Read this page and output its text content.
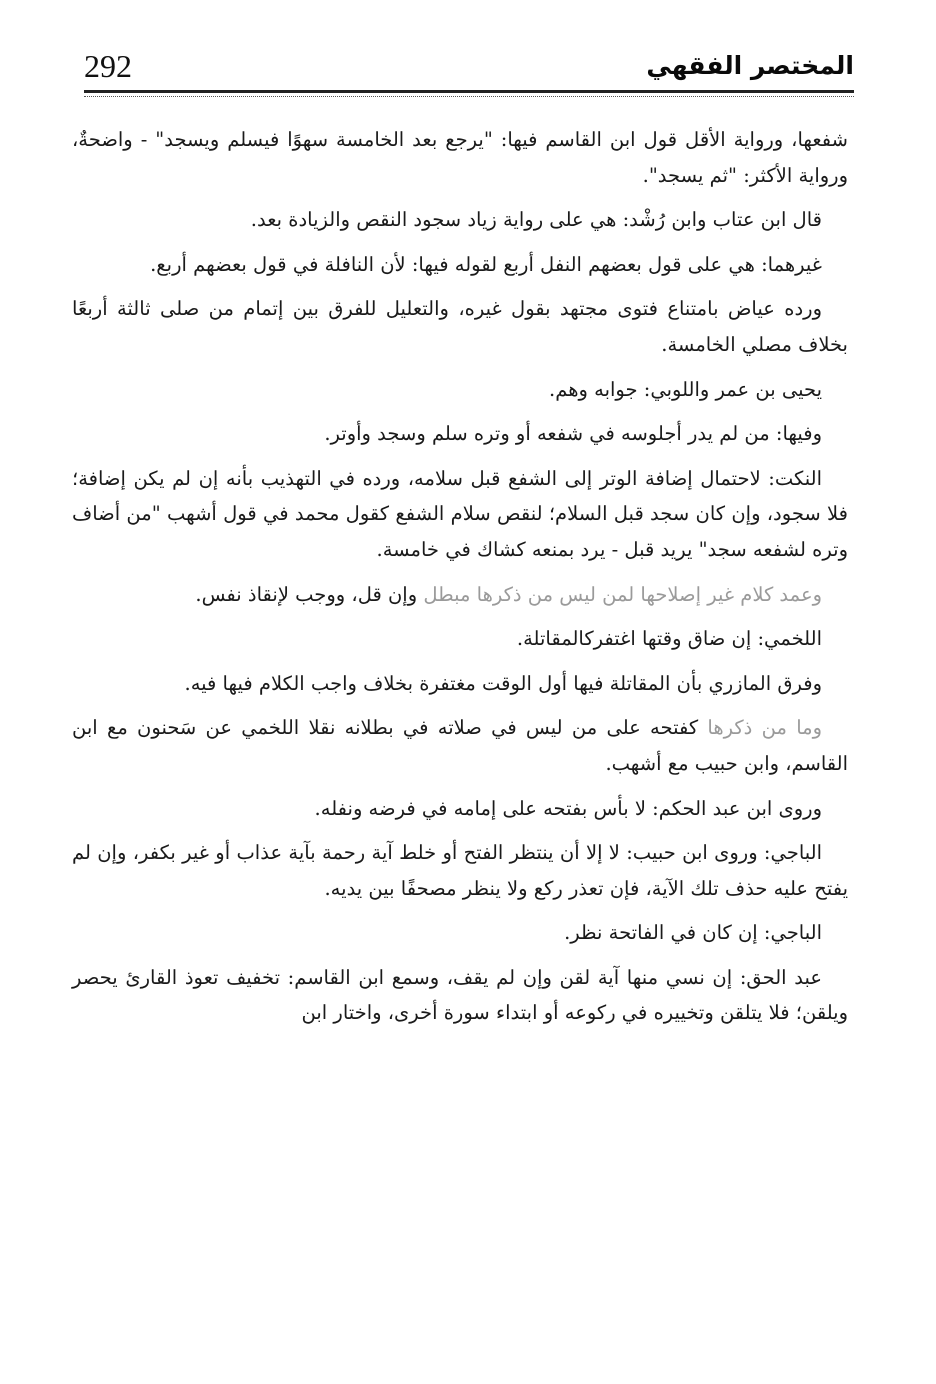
292	المختصر الفقهي

شفعها، ورواية الأقل قول ابن القاسم فيها: "يرجع بعد الخامسة سهوًا فيسلم ويسجد" - واضحةٌ، ورواية الأكثر: "ثم يسجد".

قال ابن عتاب وابن رُشْد: هي على رواية زياد سجود النقص والزيادة بعد.

غيرهما: هي على قول بعضهم النفل أربع لقوله فيها: لأن النافلة في قول بعضهم أربع.

ورده عياض بامتناع فتوى مجتهد بقول غيره، والتعليل للفرق بين إتمام من صلى ثالثة أربعًا بخلاف مصلي الخامسة.

يحيى بن عمر واللوبي: جوابه وهم.

وفيها: من لم يدر أجلوسه في شفعه أو وتره سلم وسجد وأوتر.

النكت: لاحتمال إضافة الوتر إلى الشفع قبل سلامه، ورده في التهذيب بأنه إن لم يكن إضافة؛ فلا سجود، وإن كان سجد قبل السلام؛ لنقص سلام الشفع كقول محمد في قول أشهب "من أضاف وتره لشفعه سجد" يريد قبل - يرد بمنعه كشاك في خامسة.

وعمد كلام غير إصلاحها لمن ليس من ذكرها مبطل وإن قل، ووجب لإنقاذ نفس.

اللخمي: إن ضاق وقتها اغتفركالمقاتلة.

وفرق المازري بأن المقاتلة فيها أول الوقت مغتفرة بخلاف واجب الكلام فيها فيه.

وما من ذكرها كفتحه على من ليس في صلاته في بطلانه نقلا اللخمي عن سَحنون مع ابن القاسم، وابن حبيب مع أشهب.

وروى ابن عبد الحكم: لا بأس بفتحه على إمامه في فرضه ونفله.

الباجي: وروى ابن حبيب: لا إلا أن ينتظر الفتح أو خلط آية رحمة بآية عذاب أو غير بكفر، وإن لم يفتح عليه حذف تلك الآية، فإن تعذر ركع ولا ينظر مصحفًا بين يديه.

الباجي: إن كان في الفاتحة نظر.

عبد الحق: إن نسي منها آية لقن وإن لم يقف، وسمع ابن القاسم: تخفيف تعوذ القارئ يحصر ويلقن؛ فلا يتلقن وتخييره في ركوعه أو ابتداء سورة أخرى، واختار ابن
